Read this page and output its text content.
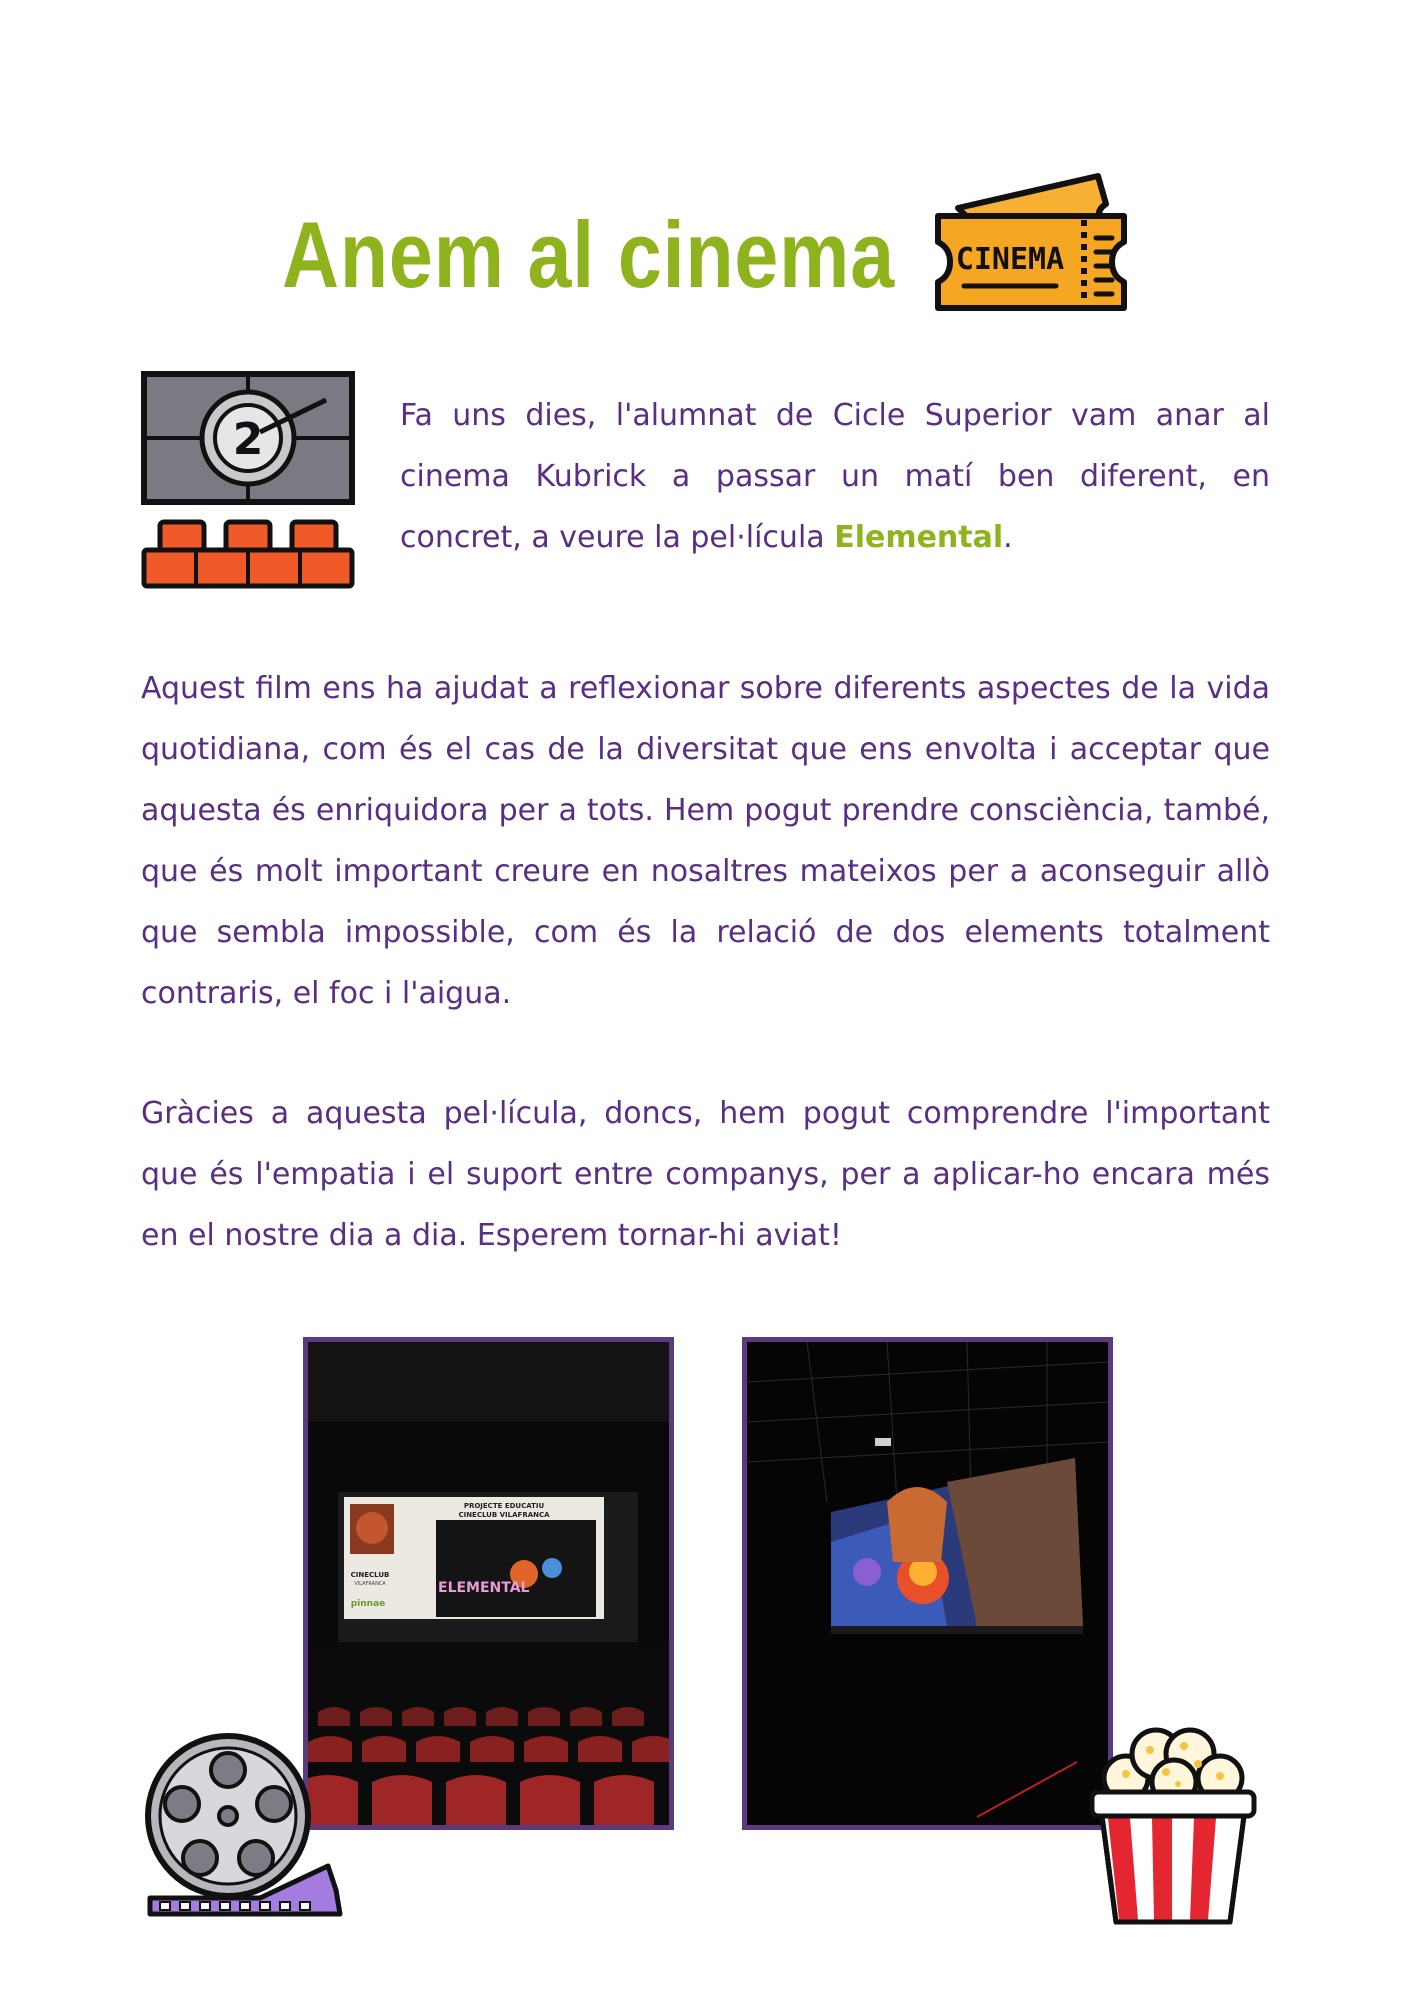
Anem al cinema CINEMA
2	Fa uns dies, l'alumnat de Cicle Superior vam anar al cinema Kubrick a passar un matí ben diferent, en concret, a veure la pel·lícula Elemental.

Aquest film ens ha ajudat a reflexionar sobre diferents aspectes de la vida quotidiana, com és el cas de la diversitat que ens envolta i acceptar que aquesta és enriquidora per a tots. Hem pogut prendre consciència, també, que és molt important creure en nosaltres mateixos per a aconseguir allò que sembla impossible, com és la relació de dos elements totalment contraris, el foc i l'aigua.

Gràcies a aquesta pel·lícula, doncs, hem pogut comprendre l'important que és l'empatia i el suport entre companys, per a aplicar-ho encara més en el nostre dia a dia. Esperem tornar-hi aviat!

PROJECTE EDUCATIU
CINECLUB VILAFRANCA
ELEMENTAL
CINECLUB
VILAFRANCA
pinnae
